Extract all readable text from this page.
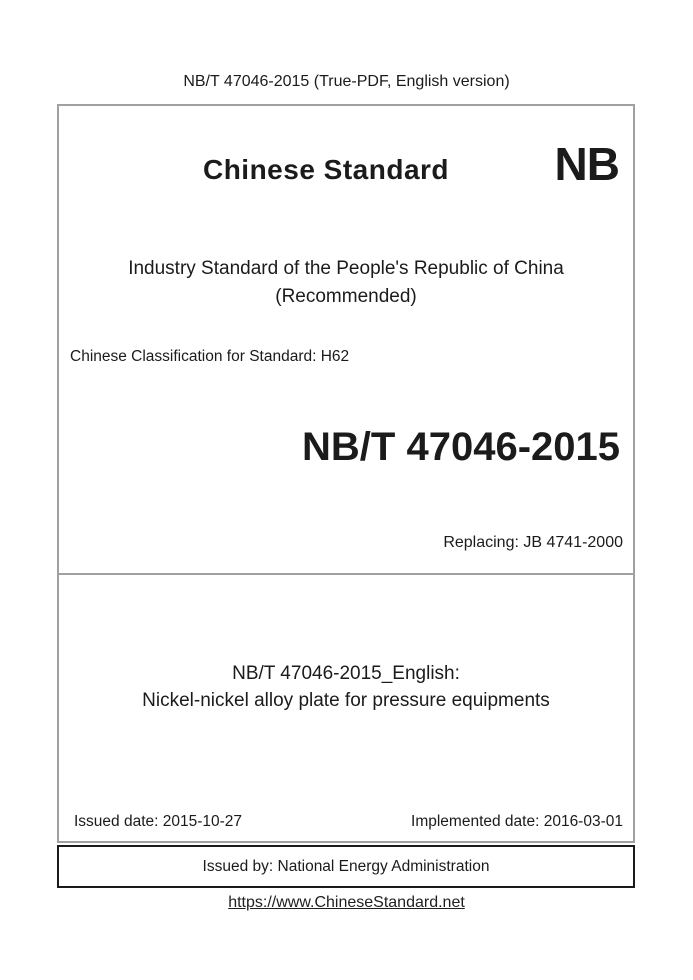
NB/T 47046-2015 (True-PDF, English version)
Chinese Standard	NB
Industry Standard of the People's Republic of China
(Recommended)
Chinese Classification for Standard: H62
NB/T 47046-2015
Replacing: JB 4741-2000
NB/T 47046-2015_English:
Nickel-nickel alloy plate for pressure equipments
Issued date: 2015-10-27	Implemented date: 2016-03-01
Issued by: National Energy Administration
https://www.ChineseStandard.net
